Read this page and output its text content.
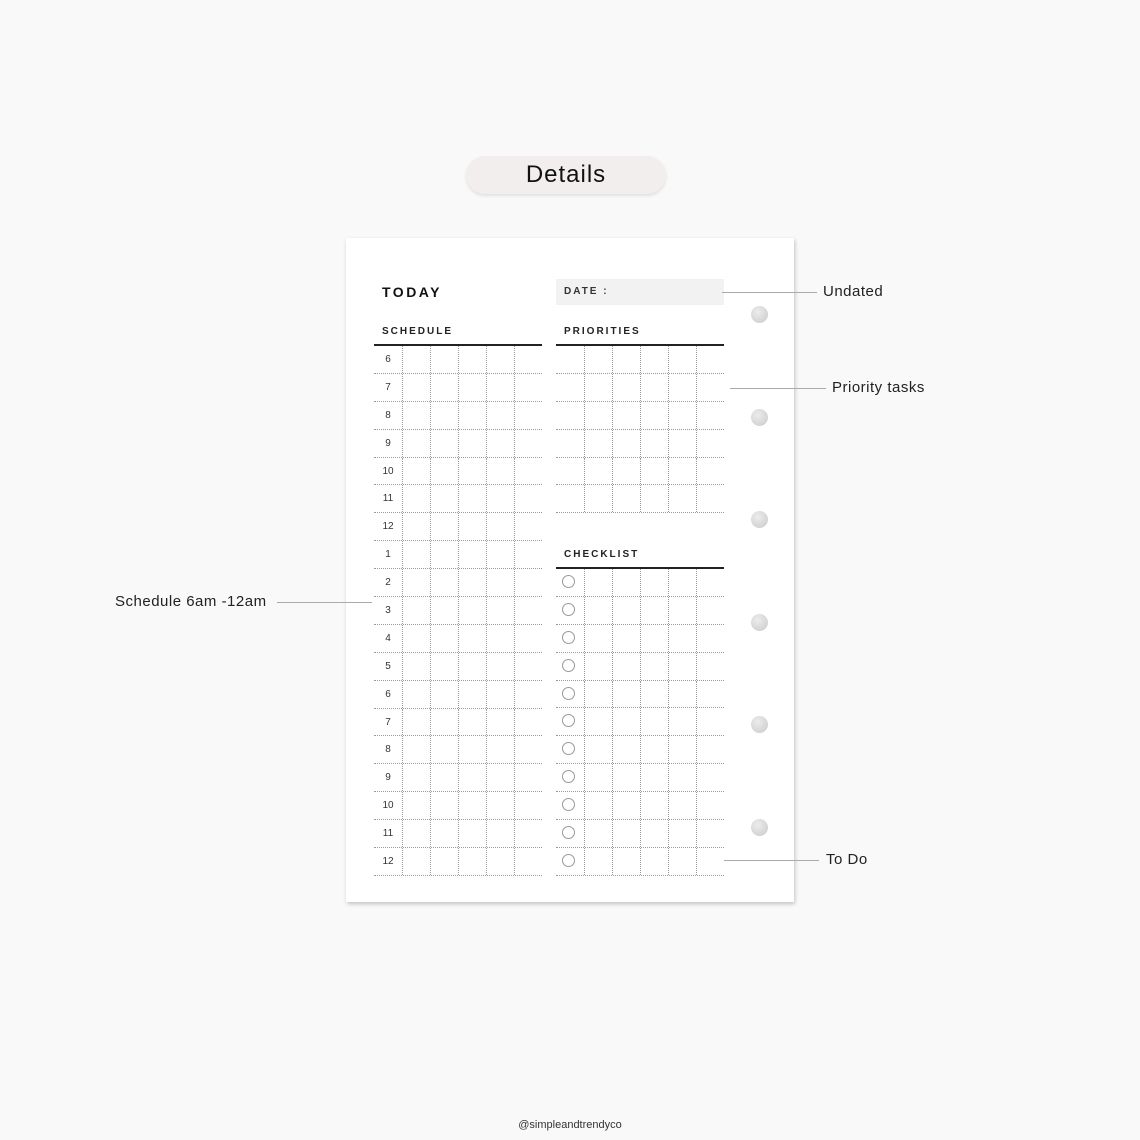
Details
TODAY	DATE :
SCHEDULE	PRIORITIES
CHECKLIST
6
7
8
9
10
11
12
1
2
3
4
5
6
7
8
9
10
11
12
Undated
Priority tasks
Schedule 6am -12am
To Do
@simpleandtrendyco
